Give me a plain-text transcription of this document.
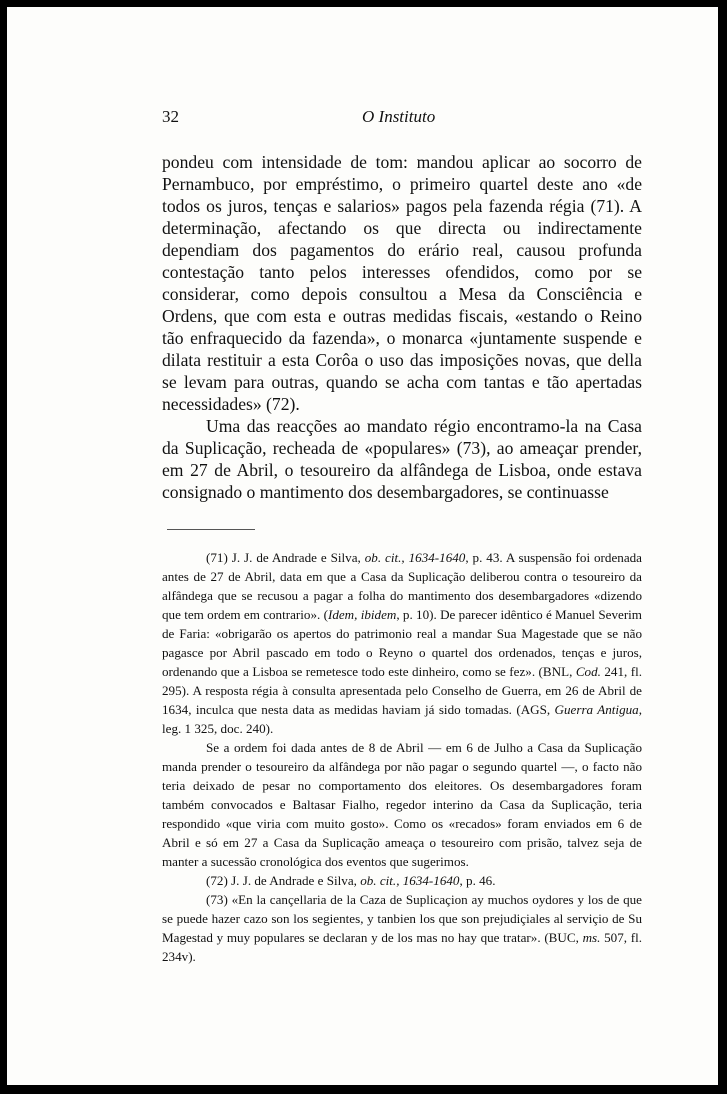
32	O Instituto

pondeu com intensidade de tom: mandou aplicar ao socorro de Pernambuco, por empréstimo, o primeiro quartel deste ano «de todos os juros, tenças e salarios» pagos pela fazenda régia (71). A determinação, afectando os que directa ou indirectamente dependiam dos pagamentos do erário real, causou profunda contestação tanto pelos interesses ofendidos, como por se considerar, como depois consultou a Mesa da Consciência e Ordens, que com esta e outras medidas fiscais, «estando o Reino tão enfraquecido da fazenda», o monarca «juntamente suspende e dilata restituir a esta Corôa o uso das imposições novas, que della se levam para outras, quando se acha com tantas e tão apertadas necessidades» (72).

Uma das reacções ao mandato régio encontramo-la na Casa da Suplicação, recheada de «populares» (73), ao ameaçar prender, em 27 de Abril, o tesoureiro da alfândega de Lisboa, onde estava consignado o mantimento dos desembargadores, se continuasse

(71) J. J. de Andrade e Silva, ob. cit., 1634-1640, p. 43. A suspensão foi ordenada antes de 27 de Abril, data em que a Casa da Suplicação deliberou contra o tesoureiro da alfândega que se recusou a pagar a folha do mantimento dos desembargadores «dizendo que tem ordem em contrario». (Idem, ibidem, p. 10). De parecer idêntico é Manuel Severim de Faria: «obrigarão os apertos do patrimonio real a mandar Sua Magestade que se não pagasce por Abril pascado em todo o Reyno o quartel dos ordenados, tenças e juros, ordenando que a Lisboa se remetesce todo este dinheiro, como se fez». (BNL, Cod. 241, fl. 295). A resposta régia à consulta apresentada pelo Conselho de Guerra, em 26 de Abril de 1634, inculca que nesta data as medidas haviam já sido tomadas. (AGS, Guerra Antigua, leg. 1 325, doc. 240).

Se a ordem foi dada antes de 8 de Abril — em 6 de Julho a Casa da Suplicação manda prender o tesoureiro da alfândega por não pagar o segundo quartel —, o facto não teria deixado de pesar no comportamento dos eleitores. Os desembargadores foram também convocados e Baltasar Fialho, regedor interino da Casa da Suplicação, teria respondido «que viria com muito gosto». Como os «recados» foram enviados em 6 de Abril e só em 27 a Casa da Suplicação ameaça o tesoureiro com prisão, talvez seja de manter a sucessão cronológica dos eventos que sugerimos.

(72) J. J. de Andrade e Silva, ob. cit., 1634-1640, p. 46.

(73) «En la cançellaria de la Caza de Suplicaçion ay muchos oydores y los de que se puede hazer cazo son los segientes, y tanbien los que son prejudiçiales al serviçio de Su Magestad y muy populares se declaran y de los mas no hay que tratar». (BUC, ms. 507, fl. 234v).
